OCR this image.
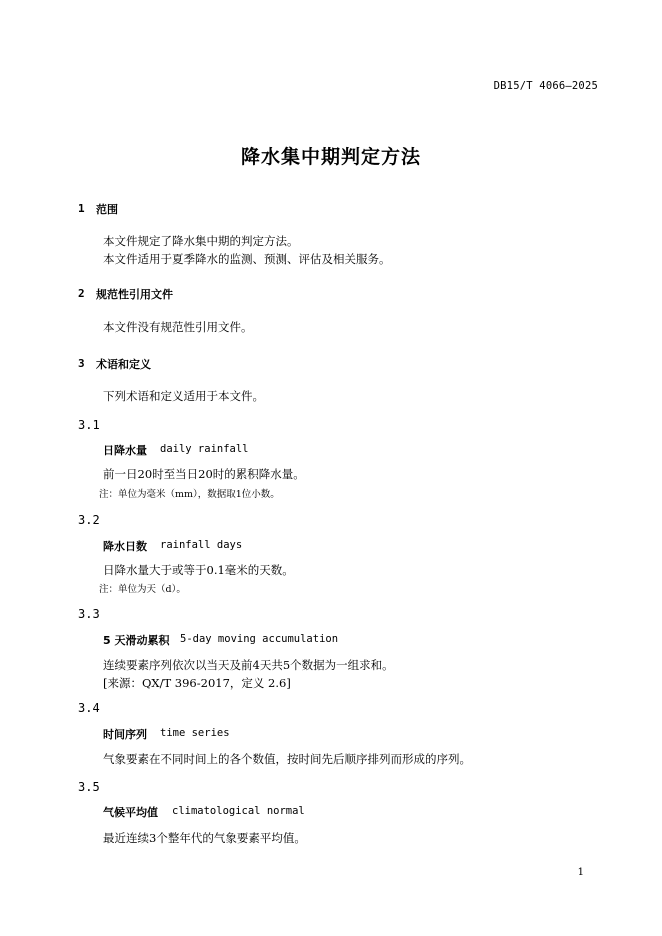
DB15/T 4066—2025
降水集中期判定方法
1 范围
本文件规定了降水集中期的判定方法。
本文件适用于夏季降水的监测、预测、评估及相关服务。
2 规范性引用文件
本文件没有规范性引用文件。
3 术语和定义
下列术语和定义适用于本文件。
3.1
日降水量 daily rainfall
前一日20时至当日20时的累积降水量。
注：单位为毫米（mm），数据取1位小数。
3.2
降水日数 rainfall days
日降水量大于或等于0.1毫米的天数。
注：单位为天（d）。
3.3
5 天滑动累积 5-day moving accumulation
连续要素序列依次以当天及前4天共5个数据为一组求和。
[来源：QX/T 396-2017，定义 2.6]
3.4
时间序列 time series
气象要素在不同时间上的各个数值，按时间先后顺序排列而形成的序列。
3.5
气候平均值 climatological normal
最近连续3个整年代的气象要素平均值。
1
